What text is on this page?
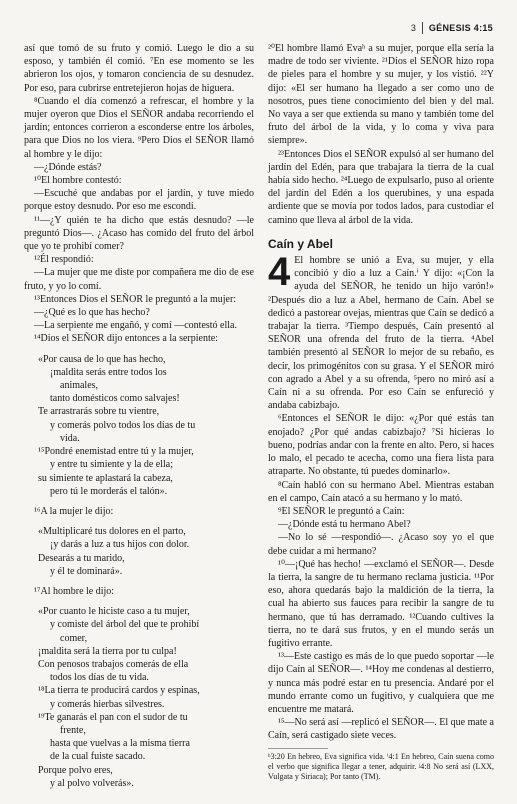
3 GÉNESIS 4:15

así que tomó de su fruto y comió. Luego le dio a su esposo, y también él comió. ⁷En ese momento se les abrieron los ojos, y tomaron conciencia de su desnudez. Por eso, para cubrirse entretejieron hojas de higuera.

⁸Cuando el día comenzó a refrescar, el hombre y la mujer oyeron que Dios el SEÑOR andaba recorriendo el jardín; entonces corrieron a esconderse entre los árboles, para que Dios no los viera. ⁹Pero Dios el SEÑOR llamó al hombre y le dijo:

—¿Dónde estás?

¹⁰El hombre contestó:

—Escuché que andabas por el jardín, y tuve miedo porque estoy desnudo. Por eso me escondí.

¹¹—¿Y quién te ha dicho que estás desnudo? —le preguntó Dios—. ¿Acaso has comido del fruto del árbol que yo te prohibí comer?

¹²Él respondió:

—La mujer que me diste por compañera me dio de ese fruto, y yo lo comí.

¹³Entonces Dios el SEÑOR le preguntó a la mujer:

—¿Qué es lo que has hecho?

—La serpiente me engañó, y comí —contestó ella.

¹⁴Dios el SEÑOR dijo entonces a la serpiente:

«Por causa de lo que has hecho,

¡maldita serás entre todos los

animales,

tanto domésticos como salvajes!

Te arrastrarás sobre tu vientre,

y comerás polvo todos los días de tu

vida.

¹⁵Pondré enemistad entre tú y la mujer,

y entre tu simiente y la de ella;

su simiente te aplastará la cabeza,

pero tú le morderás el talón».

¹⁶A la mujer le dijo:

«Multiplicaré tus dolores en el parto,

¡y darás a luz a tus hijos con dolor.

Desearás a tu marido,

y él te dominará».

¹⁷Al hombre le dijo:

«Por cuanto le hiciste caso a tu mujer,

y comiste del árbol del que te prohibí

comer,

¡maldita será la tierra por tu culpa!

Con penosos trabajos comerás de ella

todos los días de tu vida.

¹⁸La tierra te producirá cardos y espinas,

y comerás hierbas silvestres.

¹⁹Te ganarás el pan con el sudor de tu

frente,

hasta que vuelvas a la misma tierra

de la cual fuiste sacado.

Porque polvo eres,

y al polvo volverás».

²⁰El hombre llamó Evaʰ a su mujer, porque ella sería la madre de todo ser viviente. ²¹Dios el SEÑOR hizo ropa de pieles para el hombre y su mujer, y los vistió. ²²Y dijo: «El ser humano ha llegado a ser como uno de nosotros, pues tiene conocimiento del bien y del mal. No vaya a ser que extienda su mano y también tome del fruto del árbol de la vida, y lo coma y viva para siempre».

²³Entonces Dios el SEÑOR expulsó al ser humano del jardín del Edén, para que trabajara la tierra de la cual había sido hecho. ²⁴Luego de expulsarlo, puso al oriente del jardín del Edén a los querubines, y una espada ardiente que se movía por todos lados, para custodiar el camino que lleva al árbol de la vida.

Caín y Abel

4 El hombre se unió a Eva, su mujer, y ella concibió y dio a luz a Caín.ⁱ Y dijo: «¡Con la ayuda del SEÑOR, he tenido un hijo varón!» ²Después dio a luz a Abel, hermano de Caín. Abel se dedicó a pastorear ovejas, mientras que Caín se dedicó a trabajar la tierra. ³Tiempo después, Caín presentó al SEÑOR una ofrenda del fruto de la tierra. ⁴Abel también presentó al SEÑOR lo mejor de su rebaño, es decir, los primogénitos con su grasa. Y el SEÑOR miró con agrado a Abel y a su ofrenda, ⁵pero no miró así a Caín ni a su ofrenda. Por eso Caín se enfureció y andaba cabizbajo.

⁶Entonces el SEÑOR le dijo: «¿Por qué estás tan enojado? ¿Por qué andas cabizbajo? ⁷Si hicieras lo bueno, podrías andar con la frente en alto. Pero, si haces lo malo, el pecado te acecha, como una fiera lista para atraparte. No obstante, tú puedes dominarlo».

⁸Caín habló con su hermano Abel. Mientras estaban en el campo, Caín atacó a su hermano y lo mató.

⁹El SEÑOR le preguntó a Caín:

—¿Dónde está tu hermano Abel?

—No lo sé —respondió—. ¿Acaso soy yo el que debe cuidar a mi hermano?

¹⁰—¡Qué has hecho! —exclamó el SEÑOR—. Desde la tierra, la sangre de tu hermano reclama justicia. ¹¹Por eso, ahora quedarás bajo la maldición de la tierra, la cual ha abierto sus fauces para recibir la sangre de tu hermano, que tú has derramado. ¹²Cuando cultives la tierra, no te dará sus frutos, y en el mundo serás un fugitivo errante.

¹³—Este castigo es más de lo que puedo soportar —le dijo Caín al SEÑOR—. ¹⁴Hoy me condenas al destierro, y nunca más podré estar en tu presencia. Andaré por el mundo errante como un fugitivo, y cualquiera que me encuentre me matará.

¹⁵—No será así —replicó el SEÑOR—. El que mate a Caín, será castigado siete veces.

ʰ3:20 En hebreo, Eva significa vida. ⁱ4:1 En hebreo, Caín suena como el verbo que significa llegar a tener, adquirir. ʲ4:8 No será así (LXX, Vulgata y Siriaca); Por tanto (TM).
